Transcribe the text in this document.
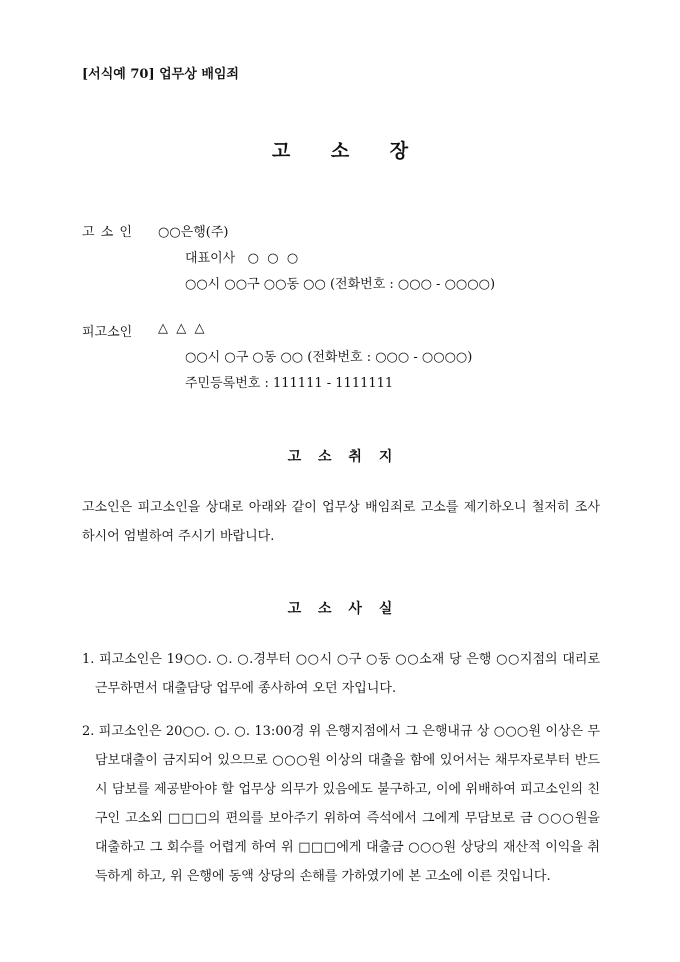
[서식예 70] 업무상 배임죄
고 소 장
고 소 인 ○○은행(주)
대표이사   ○  ○  ○
○○시 ○○구 ○○동 ○○ (전화번호 : ○○○ - ○○○○)
피고소인 △  △  △
○○시 ○구 ○동 ○○ (전화번호 : ○○○ - ○○○○)
주민등록번호 : 111111 - 1111111
고 소 취 지
고소인은 피고소인을 상대로 아래와 같이 업무상 배임죄로 고소를 제기하오니 철저히 조사하시어 엄벌하여 주시기 바랍니다.
고 소 사 실
1. 피고소인은 19○○. ○. ○.경부터 ○○시 ○구 ○동 ○○소재 당 은행 ○○지점의 대리로 근무하면서 대출담당 업무에 종사하여 오던 자입니다.
2. 피고소인은 20○○. ○. ○. 13:00경 위 은행지점에서 그 은행내규 상 ○○○원 이상은 무담보대출이 금지되어 있으므로 ○○○원 이상의 대출을 함에 있어서는 채무자로부터 반드시 담보를 제공받아야 할 업무상 의무가 있음에도 불구하고, 이에 위배하여 피고소인의 친구인 고소외 □□□의 편의를 보아주기 위하여 즉석에서 그에게 무담보로 금 ○○○원을 대출하고 그 회수를 어렵게 하여 위 □□□에게 대출금 ○○○원 상당의 재산적 이익을 취득하게 하고, 위 은행에 동액 상당의 손해를 가하였기에 본 고소에 이른 것입니다.
